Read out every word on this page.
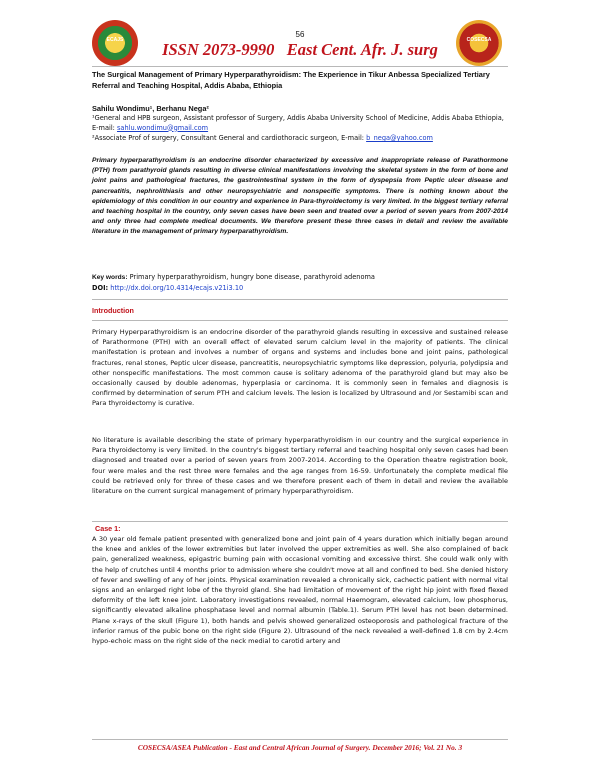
56
ECAJS	COSECSA
ISSN 2073-9990 East Cent. Afr. J. surg
The Surgical Management of Primary Hyperparathyroidism: The Experience in Tikur Anbessa Specialized Tertiary Referral and Teaching Hospital, Addis Ababa, Ethiopia
Sahilu Wondimu¹, Berhanu Nega²
¹General and HPB surgeon, Assistant professor of Surgery, Addis Ababa University School of Medicine, Addis Ababa Ethiopia, E-mail: sahlu.wondimu@gmail.com
²Associate Prof of surgery, Consultant General and cardiothoracic surgeon, E-mail: b_nega@yahoo.com
Primary hyperparathyroidism is an endocrine disorder characterized by excessive and inappropriate release of Parathormone (PTH) from parathyroid glands resulting in diverse clinical manifestations involving the skeletal system in the form of bone and joint pains and pathological fractures, the gastrointestinal system in the form of dyspepsia from Peptic ulcer disease and pancreatitis, nephrolithiasis and other neuropsychiatric and nonspecific symptoms. There is nothing known about the epidemiology of this condition in our country and experience in Para-thyroidectomy is very limited. In the biggest tertiary referral and teaching hospital in the country, only seven cases have been seen and treated over a period of seven years from 2007-2014 and only three had complete medical documents. We therefore present these three cases in detail and review the available literature in the management of primary hyperparathyroidism.
Key words: Primary hyperparathyroidism, hungry bone disease, parathyroid adenoma
DOI: http://dx.doi.org/10.4314/ecajs.v21i3.10
Introduction
Primary Hyperparathyroidism is an endocrine disorder of the parathyroid glands resulting in excessive and sustained release of Parathormone (PTH) with an overall effect of elevated serum calcium level in the majority of patients. The clinical manifestation is protean and involves a number of organs and systems and includes bone and joint pains, pathological fractures, renal stones, Peptic ulcer disease, pancreatitis, neuropsychiatric symptoms like depression, polyuria, polydipsia and other nonspecific manifestations. The most common cause is solitary adenoma of the parathyroid gland but may also be occasionally caused by double adenomas, hyperplasia or carcinoma. It is commonly seen in females and diagnosis is confirmed by determination of serum PTH and calcium levels. The lesion is localized by Ultrasound and /or Sestamibi scan and Para thyroidectomy is curative.
No literature is available describing the state of primary hyperparathyroidism in our country and the surgical experience in Para thyroidectomy is very limited. In the country's biggest tertiary referral and teaching hospital only seven cases had been diagnosed and treated over a period of seven years from 2007-2014. According to the Operation theatre registration book, four were males and the rest three were females and the age ranges from 16-59. Unfortunately the complete medical file could be retrieved only for three of these cases and we therefore present each of them in detail and review the available literature on the current surgical management of primary hyperparathyroidism.
Case 1:
A 30 year old female patient presented with generalized bone and joint pain of 4 years duration which initially began around the knee and ankles of the lower extremities but later involved the upper extremities as well. She also complained of back pain, generalized weakness, epigastric burning pain with occasional vomiting and excessive thirst. She could walk only with the help of crutches until 4 months prior to admission where she couldn't move at all and confined to bed. She denied history of fever and swelling of any of her joints. Physical examination revealed a chronically sick, cachectic patient with normal vital signs and an enlarged right lobe of the thyroid gland. She had limitation of movement of the right hip joint with fixed flexed deformity of the left knee joint. Laboratory investigations revealed, normal Haemogram, elevated calcium, low phosphorus, significantly elevated alkaline phosphatase level and normal albumin (Table.1). Serum PTH level has not been determined. Plane x-rays of the skull (Figure 1), both hands and pelvis showed generalized osteoporosis and pathological fracture of the inferior ramus of the pubic bone on the right side (Figure 2). Ultrasound of the neck revealed a well-defined 1.8 cm by 2.4cm hypo-echoic mass on the right side of the neck medial to carotid artery and
COSECSA/ASEA Publication - East and Central African Journal of Surgery. December 2016; Vol. 21 No. 3
